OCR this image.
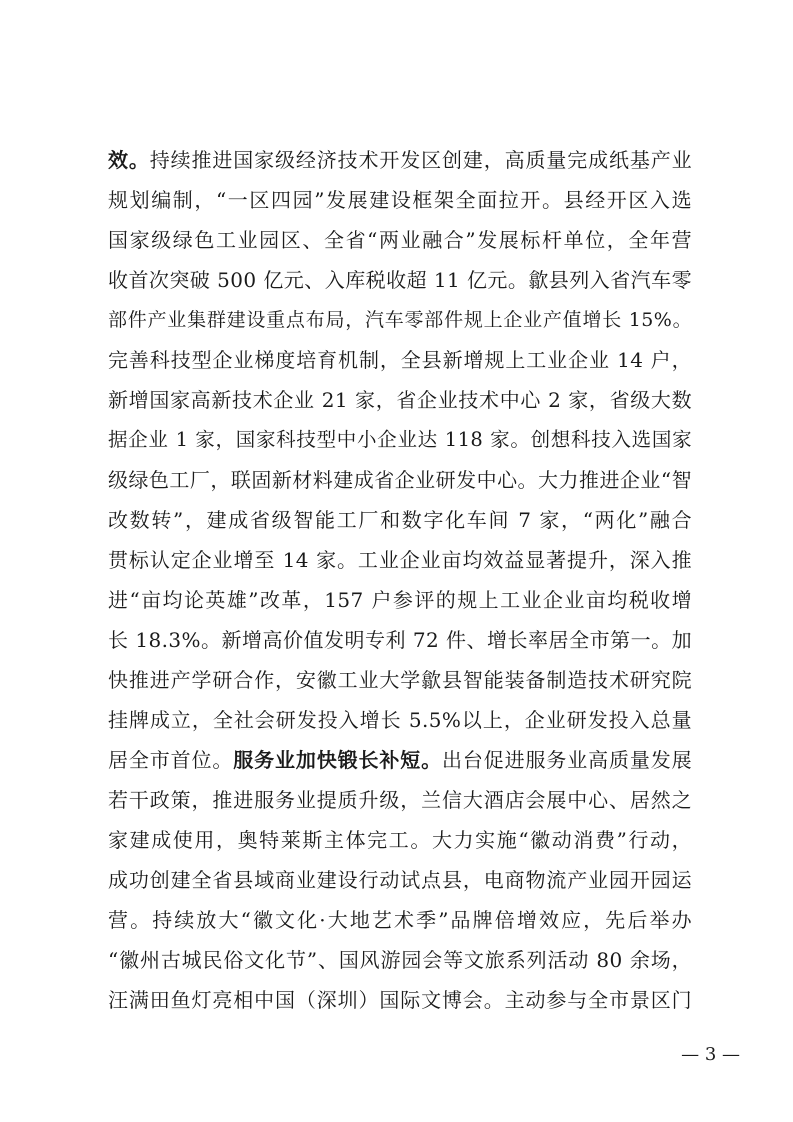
效。持续推进国家级经济技术开发区创建，高质量完成纸基产业
规划编制，“一区四园”发展建设框架全面拉开。县经开区入选
国家级绿色工业园区、全省“两业融合”发展标杆单位，全年营
收首次突破 500 亿元、入库税收超 11 亿元。歙县列入省汽车零
部件产业集群建设重点布局，汽车零部件规上企业产值增长 15%。
完善科技型企业梯度培育机制，全县新增规上工业企业 14 户，
新增国家高新技术企业 21 家，省企业技术中心 2 家，省级大数
据企业 1 家，国家科技型中小企业达 118 家。创想科技入选国家
级绿色工厂，联固新材料建成省企业研发中心。大力推进企业“智
改数转”，建成省级智能工厂和数字化车间 7 家，“两化”融合
贯标认定企业增至 14 家。工业企业亩均效益显著提升，深入推
进“亩均论英雄”改革，157 户参评的规上工业企业亩均税收增
长 18.3%。新增高价值发明专利 72 件、增长率居全市第一。加
快推进产学研合作，安徽工业大学歙县智能装备制造技术研究院
挂牌成立，全社会研发投入增长 5.5%以上，企业研发投入总量
居全市首位。服务业加快锻长补短。出台促进服务业高质量发展
若干政策，推进服务业提质升级，兰信大酒店会展中心、居然之
家建成使用，奥特莱斯主体完工。大力实施“徽动消费”行动，
成功创建全省县域商业建设行动试点县，电商物流产业园开园运
营。持续放大“徽文化·大地艺术季”品牌倍增效应，先后举办
“徽州古城民俗文化节”、国风游园会等文旅系列活动 80 余场，
汪满田鱼灯亮相中国（深圳）国际文博会。主动参与全市景区门
— 3 —
